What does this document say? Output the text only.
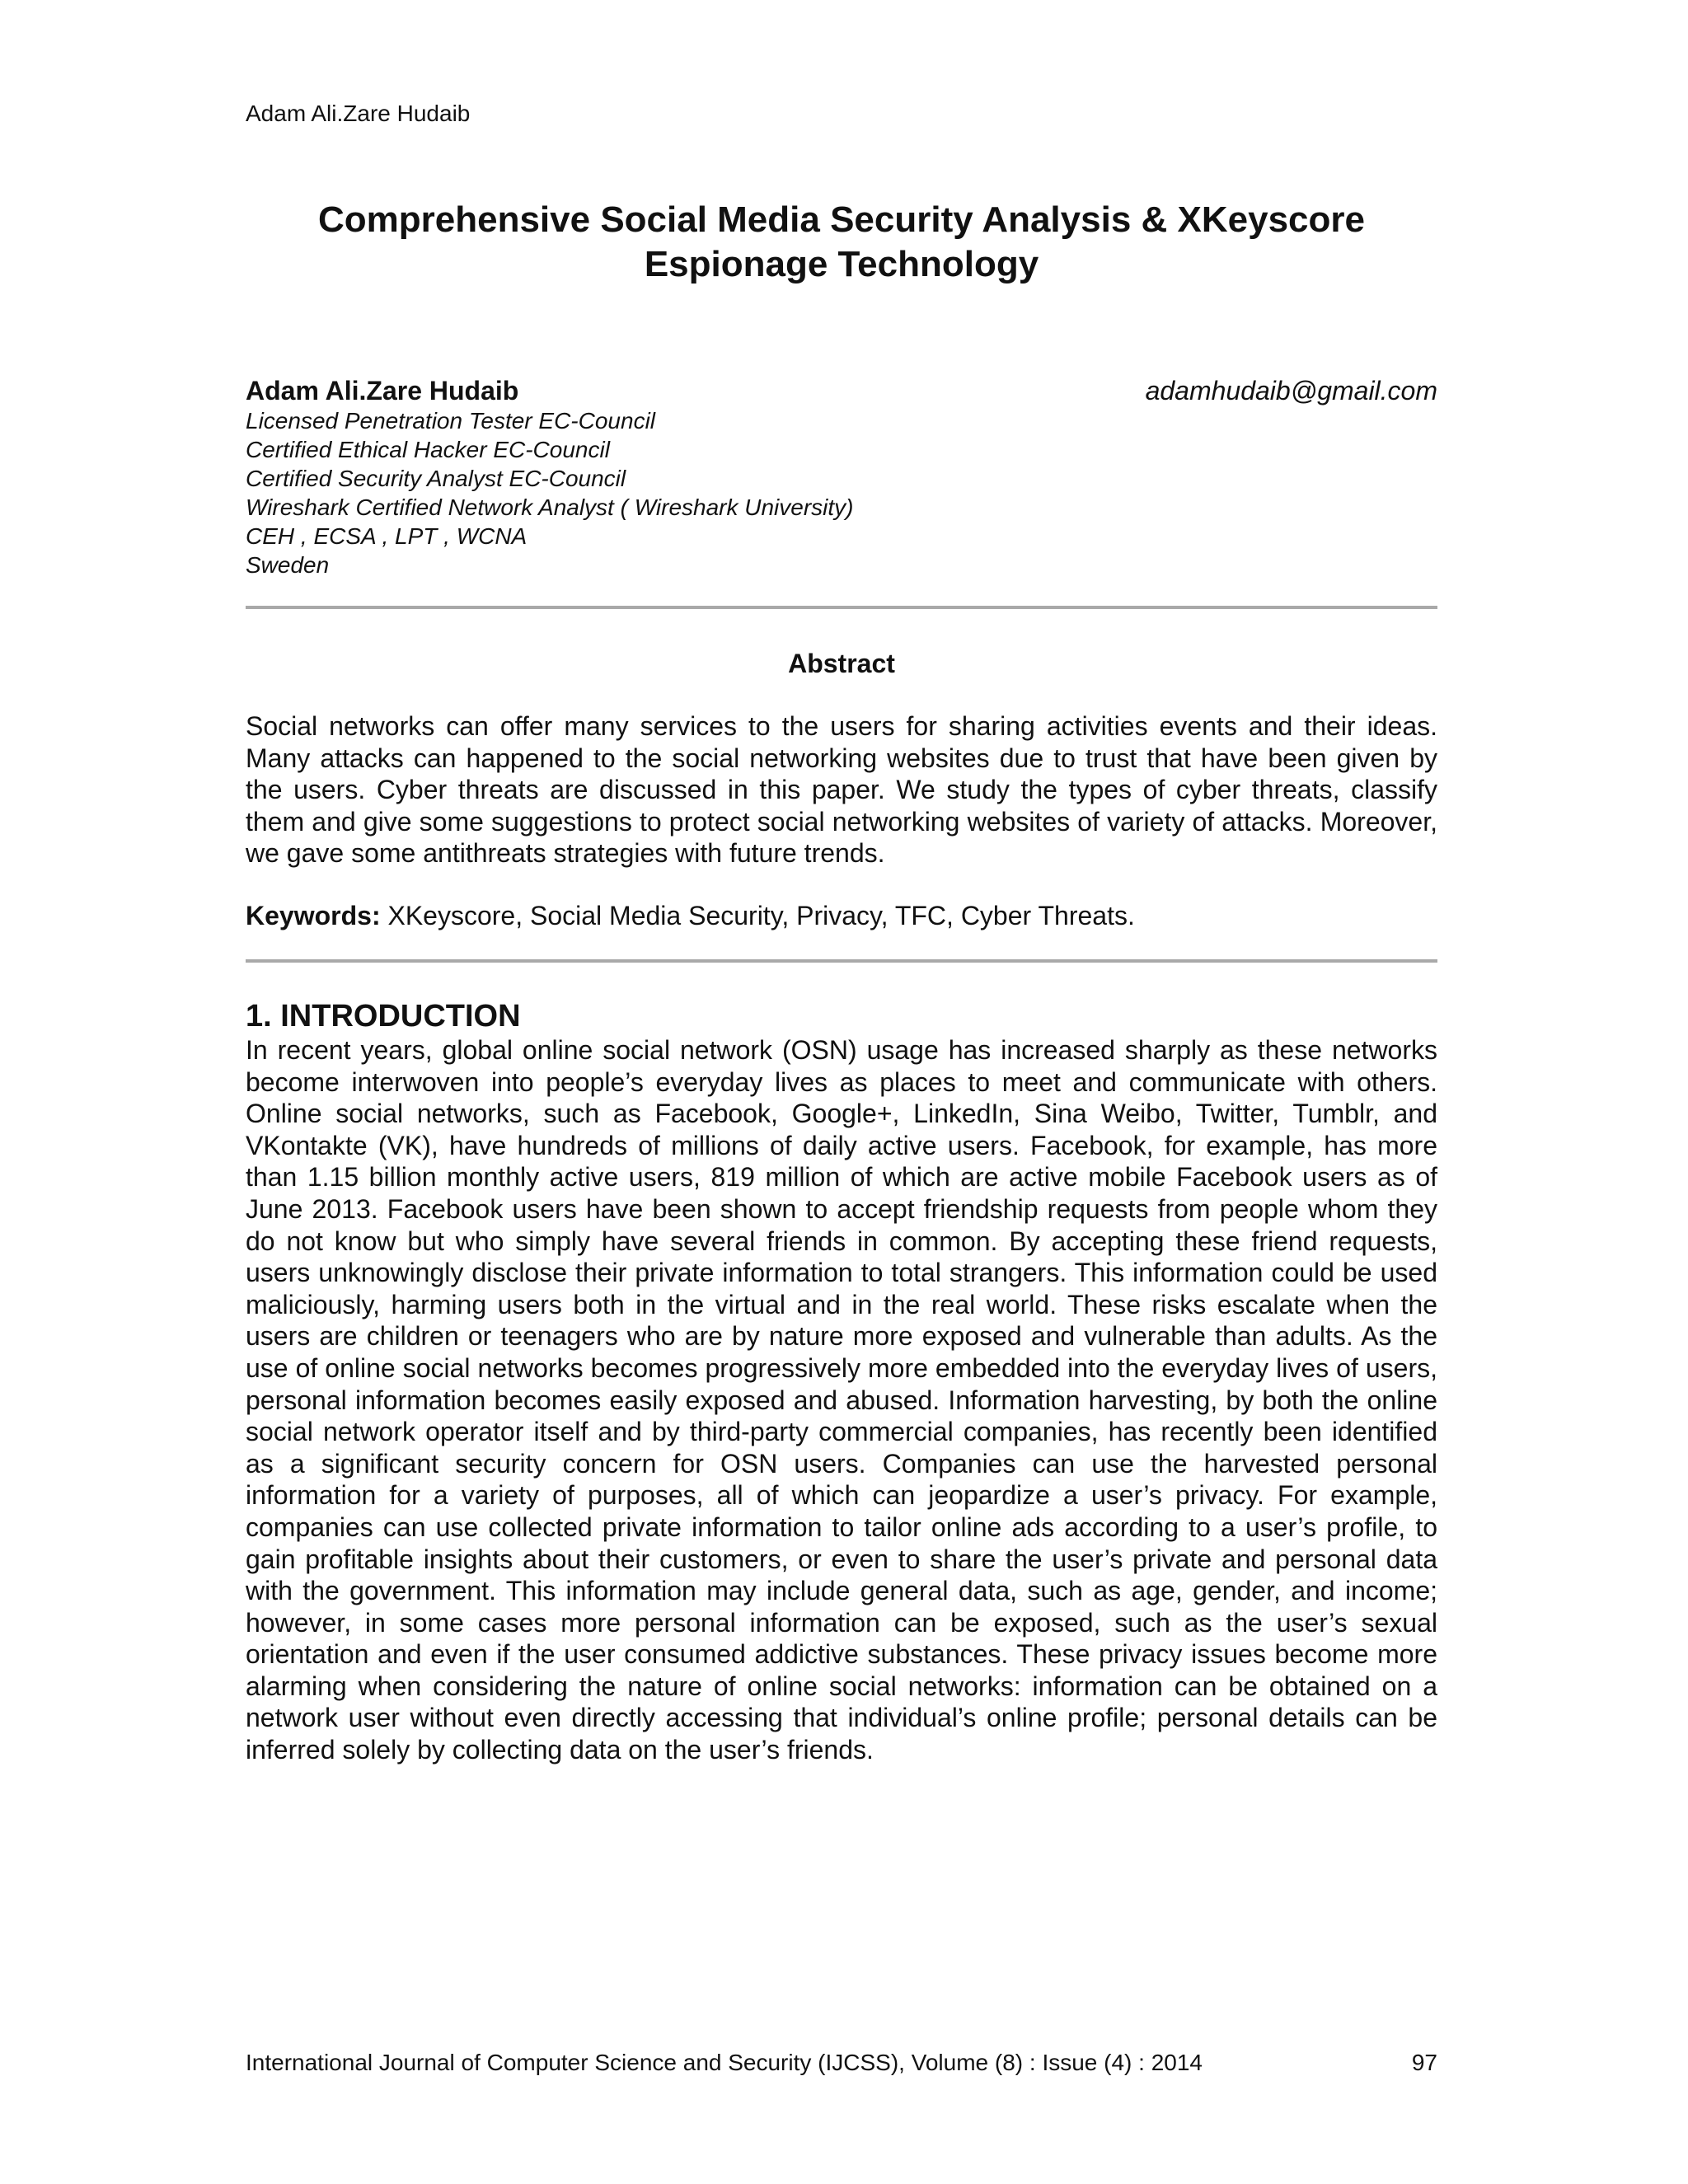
Adam Ali.Zare Hudaib
Comprehensive Social Media Security Analysis & XKeyscore Espionage Technology
Adam Ali.Zare Hudaib	adamhudaib@gmail.com
Licensed Penetration Tester EC-Council
Certified Ethical Hacker EC-Council
Certified Security Analyst EC-Council
Wireshark Certified Network Analyst ( Wireshark University)
CEH , ECSA , LPT , WCNA
Sweden
Abstract

Social networks can offer many services to the users for sharing activities events and their ideas. Many attacks can happened to the social networking websites due to trust that have been given by the users. Cyber threats are discussed in this paper. We study the types of cyber threats, classify them and give some suggestions to protect social networking websites of variety of attacks. Moreover, we gave some antithreats strategies with future trends.

Keywords: XKeyscore, Social Media Security, Privacy, TFC, Cyber Threats.

1. INTRODUCTION

In recent years, global online social network (OSN) usage has increased sharply as these networks become interwoven into people’s everyday lives as places to meet and communicate with others. Online social networks, such as Facebook, Google+, LinkedIn, Sina Weibo, Twitter, Tumblr, and VKontakte (VK), have hundreds of millions of daily active users. Facebook, for example, has more than 1.15 billion monthly active users, 819 million of which are active mobile Facebook users as of June 2013. Facebook users have been shown to accept friendship requests from people whom they do not know but who simply have several friends in common. By accepting these friend requests, users unknowingly disclose their private information to total strangers. This information could be used maliciously, harming users both in the virtual and in the real world. These risks escalate when the users are children or teenagers who are by nature more exposed and vulnerable than adults. As the use of online social networks becomes progressively more embedded into the everyday lives of users, personal information becomes easily exposed and abused. Information harvesting, by both the online social network operator itself and by third-party commercial companies, has recently been identified as a significant security concern for OSN users. Companies can use the harvested personal information for a variety of purposes, all of which can jeopardize a user’s privacy. For example, companies can use collected private information to tailor online ads according to a user’s profile, to gain profitable insights about their customers, or even to share the user’s private and personal data with the government. This information may include general data, such as age, gender, and income; however, in some cases more personal information can be exposed, such as the user’s sexual orientation and even if the user consumed addictive substances. These privacy issues become more alarming when considering the nature of online social networks: information can be obtained on a network user without even directly accessing that individual’s online profile; personal details can be inferred solely by collecting data on the user’s friends.

International Journal of Computer Science and Security (IJCSS), Volume (8) : Issue (4) : 2014	97
